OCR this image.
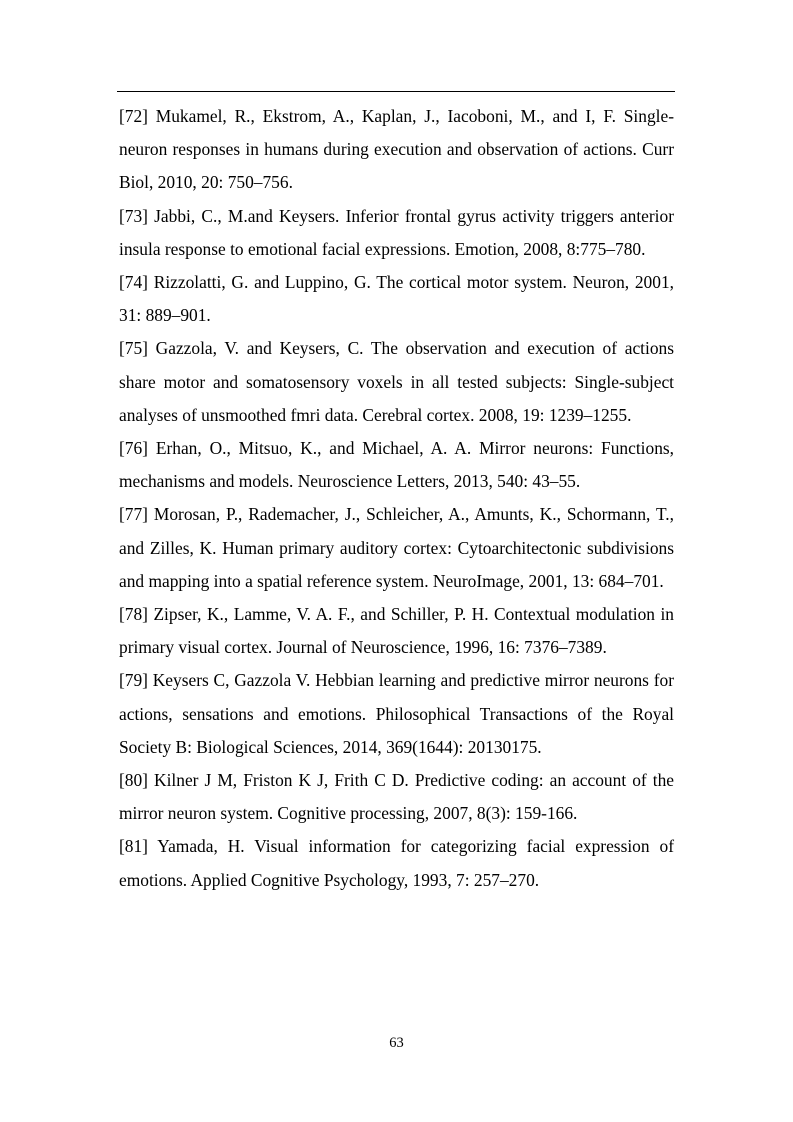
[72] Mukamel, R., Ekstrom, A., Kaplan, J., Iacoboni, M., and I, F. Single-neuron responses in humans during execution and observation of actions. Curr Biol, 2010, 20: 750–756.

[73] Jabbi, C., M.and Keysers. Inferior frontal gyrus activity triggers anterior insula response to emotional facial expressions. Emotion, 2008, 8:775–780.

[74] Rizzolatti, G. and Luppino, G. The cortical motor system. Neuron, 2001, 31: 889–901.

[75] Gazzola, V. and Keysers, C. The observation and execution of actions share motor and somatosensory voxels in all tested subjects: Single-subject analyses of unsmoothed fmri data. Cerebral cortex. 2008, 19: 1239–1255.

[76] Erhan, O., Mitsuo, K., and Michael, A. A. Mirror neurons: Functions, mechanisms and models. Neuroscience Letters, 2013, 540: 43–55.

[77] Morosan, P., Rademacher, J., Schleicher, A., Amunts, K., Schormann, T., and Zilles, K. Human primary auditory cortex: Cytoarchitectonic subdivisions and mapping into a spatial reference system. NeuroImage, 2001, 13: 684–701.

[78] Zipser, K., Lamme, V. A. F., and Schiller, P. H. Contextual modulation in primary visual cortex. Journal of Neuroscience, 1996, 16: 7376–7389.

[79] Keysers C, Gazzola V. Hebbian learning and predictive mirror neurons for actions, sensations and emotions. Philosophical Transactions of the Royal Society B: Biological Sciences, 2014, 369(1644): 20130175.

[80] Kilner J M, Friston K J, Frith C D. Predictive coding: an account of the mirror neuron system. Cognitive processing, 2007, 8(3): 159-166.

[81] Yamada, H. Visual information for categorizing facial expression of emotions. Applied Cognitive Psychology, 1993, 7: 257–270.

63
